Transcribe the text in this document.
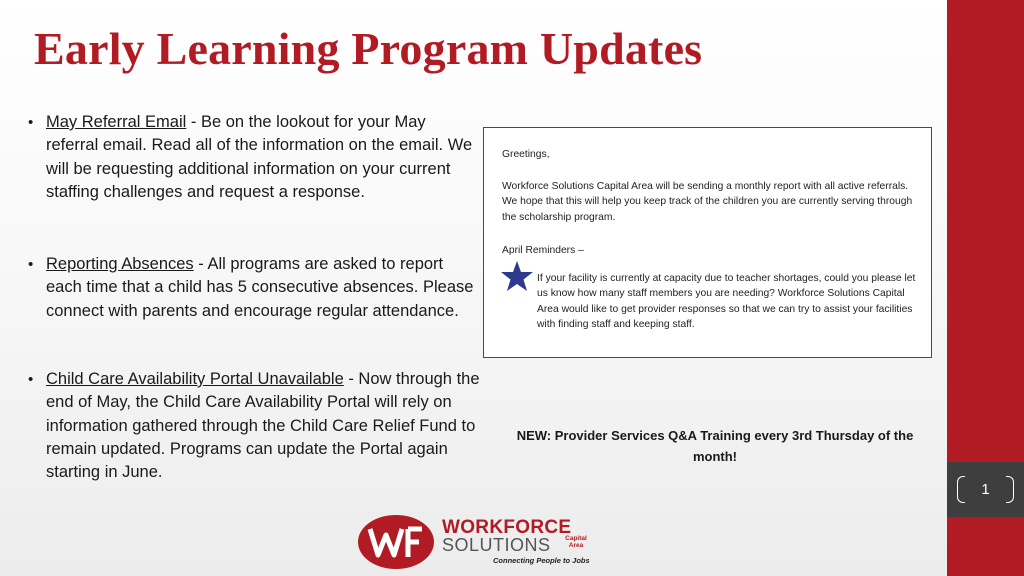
1
Early Learning Program Updates
• May Referral Email - Be on the lookout for your May referral email. Read all of the information on the email. We will be requesting additional information on your current staffing challenges and request a response.
• Reporting Absences - All programs are asked to report each time that a child has 5 consecutive absences. Please connect with parents and encourage regular attendance.
• Child Care Availability Portal Unavailable - Now through the end of May, the Child Care Availability Portal will rely on information gathered through the Child Care Relief Fund to remain updated. Programs can update the Portal again starting in June.

Greetings,

Workforce Solutions Capital Area will be sending a monthly report with all active referrals. We hope that this will help you keep track of the children you are currently serving through the scholarship program.

April Reminders –

If your facility is currently at capacity due to teacher shortages, could you please let us know how many staff members you are needing? Workforce Solutions Capital Area would like to get provider responses so that we can try to assist your facilities with finding staff and keeping staff.

NEW: Provider Services Q&A Training every 3rd Thursday of the month!
WORKFORCE
SOLUTIONS	Capital
Area
Connecting People to Jobs
